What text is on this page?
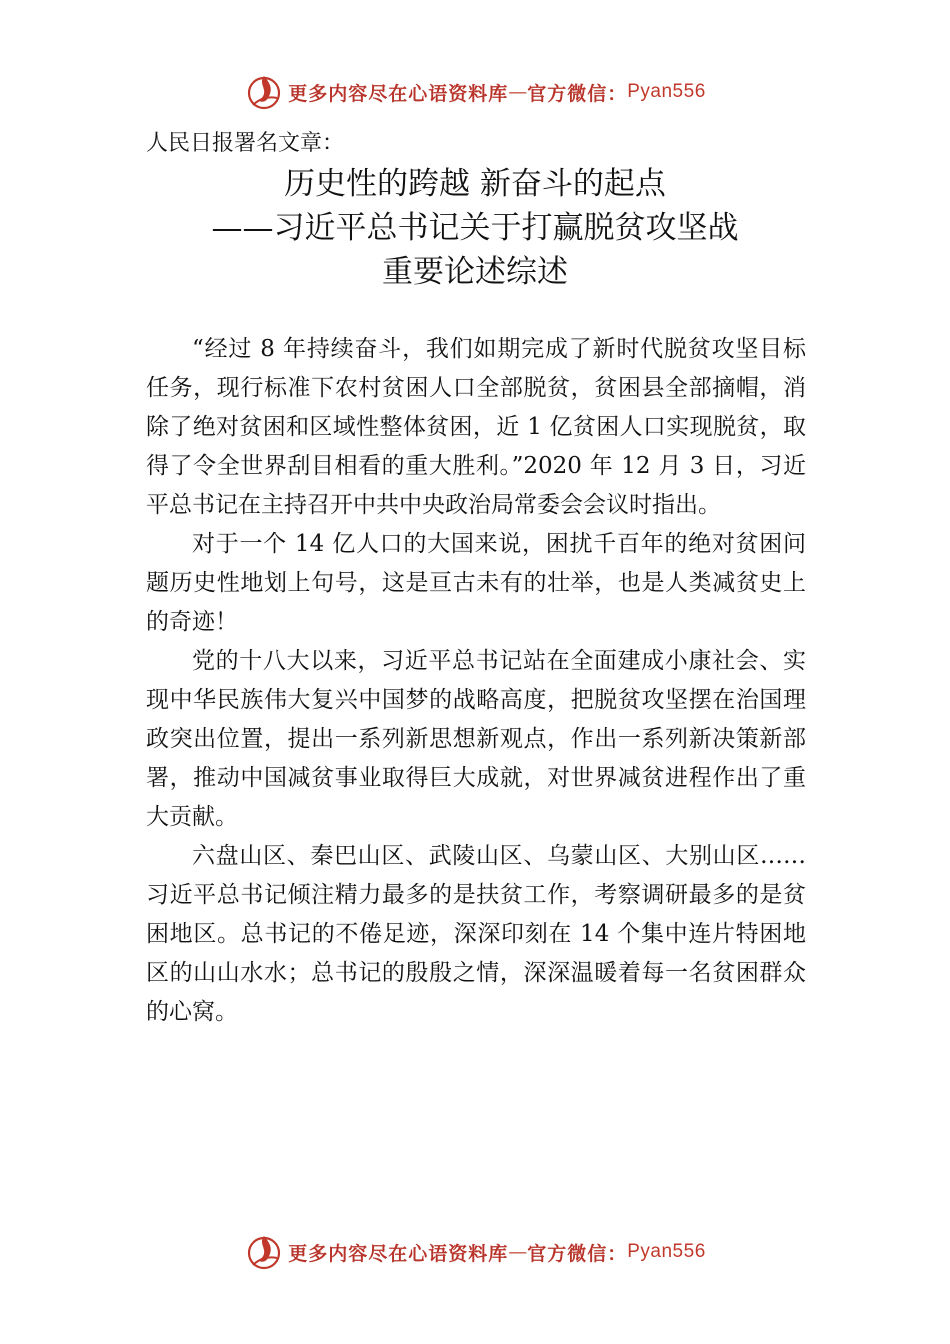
更多内容尽在心语资料库 — 官方微信： Pyan556
人民日报署名文章：
历史性的跨越 新奋斗的起点
——习近平总书记关于打赢脱贫攻坚战
重要论述综述

“经过 8 年持续奋斗，我们如期完成了新时代脱贫攻坚目标任务，现行标准下农村贫困人口全部脱贫，贫困县全部摘帽，消除了绝对贫困和区域性整体贫困，近 1 亿贫困人口实现脱贫，取得了令全世界刮目相看的重大胜利。”2020 年 12 月 3 日，习近平总书记在主持召开中共中央政治局常委会会议时指出。

对于一个 14 亿人口的大国来说，困扰千百年的绝对贫困问题历史性地划上句号，这是亘古未有的壮举，也是人类减贫史上的奇迹！

党的十八大以来，习近平总书记站在全面建成小康社会、实现中华民族伟大复兴中国梦的战略高度，把脱贫攻坚摆在治国理政突出位置，提出一系列新思想新观点，作出一系列新决策新部署，推动中国减贫事业取得巨大成就，对世界减贫进程作出了重大贡献。

六盘山区、秦巴山区、武陵山区、乌蒙山区、大别山区……习近平总书记倾注精力最多的是扶贫工作，考察调研最多的是贫困地区。总书记的不倦足迹，深深印刻在 14 个集中连片特困地区的山山水水；总书记的殷殷之情，深深温暖着每一名贫困群众的心窝。

更多内容尽在心语资料库 — 官方微信： Pyan556
